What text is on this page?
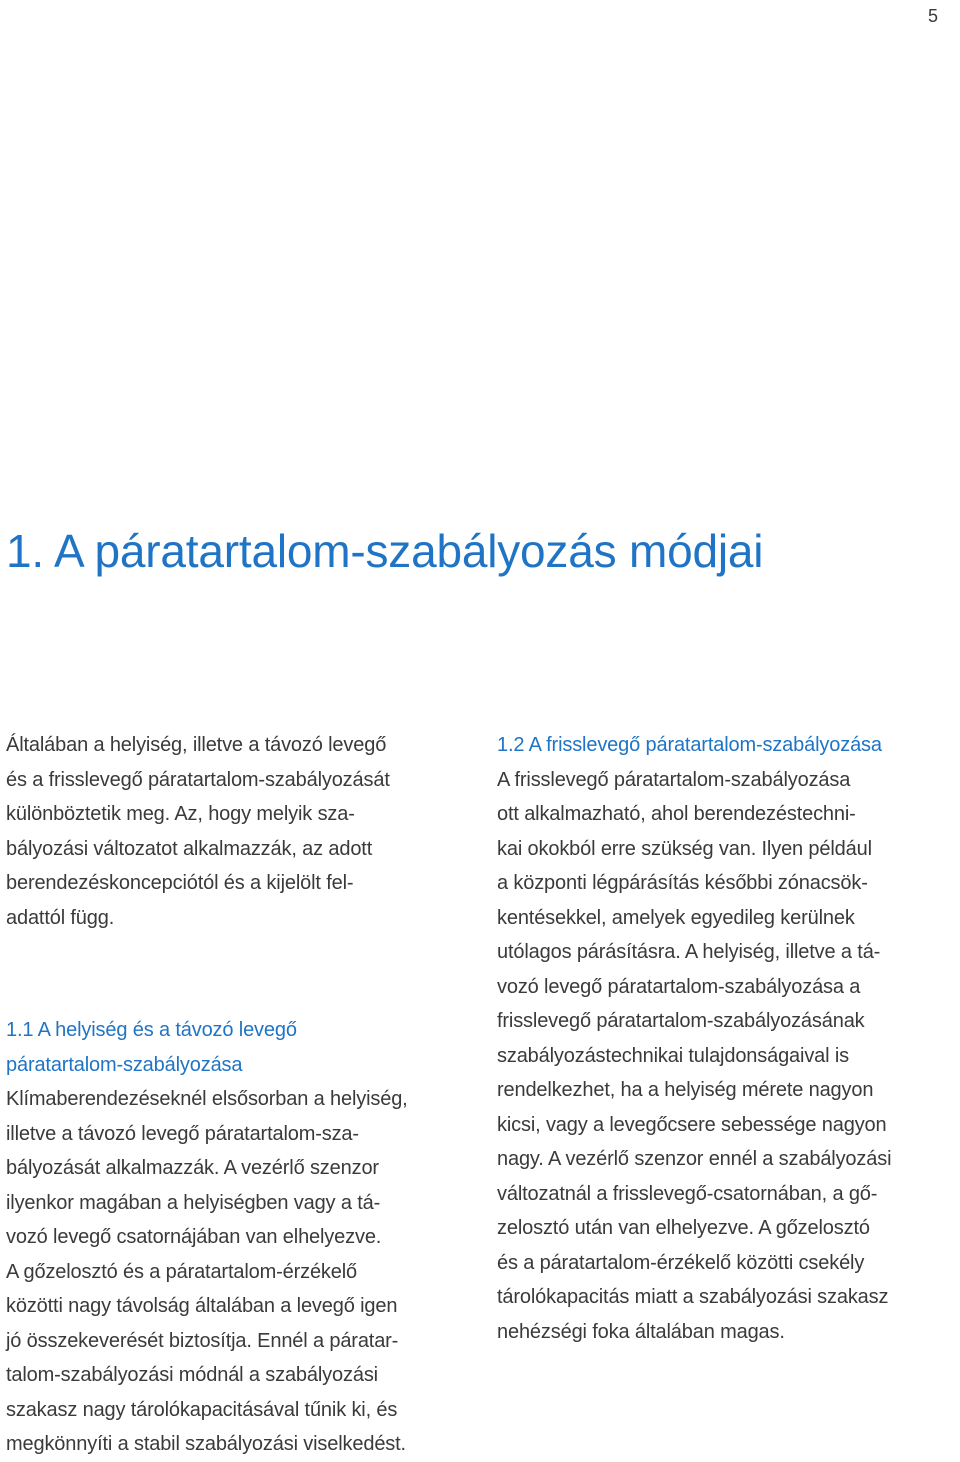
5
1. A páratartalom-szabályozás módjai
Általában a helyiség, illetve a távozó levegő
és a frisslevegő páratartalom-szabályozását
különböztetik meg. Az, hogy melyik sza-
bályozási változatot alkalmazzák, az adott
berendezéskoncepciótól és a kijelölt fel-
adattól függ.
1.1 A helyiség és a távozó levegő
páratartalom-szabályozása
Klímaberendezéseknél elsősorban a helyiség,
illetve a távozó levegő páratartalom-sza-
bályozását alkalmazzák. A vezérlő szenzor
ilyenkor magában a helyiségben vagy a tá-
vozó levegő csatornájában van elhelyezve.
A gőzelosztó és a páratartalom-érzékelő
közötti nagy távolság általában a levegő igen
jó összekeverését biztosítja. Ennél a páratar-
talom-szabályozási módnál a szabályozási
szakasz nagy tárolókapacitásával tűnik ki, és
megkönnyíti a stabil szabályozási viselkedést.
1.2 A frisslevegő páratartalom-szabályozása
A frisslevegő páratartalom-szabályozása
ott alkalmazható, ahol berendezéstechni-
kai okokból erre szükség van. Ilyen például
a központi légpárásítás későbbi zónacsök-
kentésekkel, amelyek egyedileg kerülnek
utólagos párásításra. A helyiség, illetve a tá-
vozó levegő páratartalom-szabályozása a
frisslevegő páratartalom-szabályozásának
szabályozástechnikai tulajdonságaival is
rendelkezhet, ha a helyiség mérete nagyon
kicsi, vagy a levegőcsere sebessége nagyon
nagy. A vezérlő szenzor ennél a szabályozási
változatnál a frisslevegő-csatornában, a gő-
zelosztó után van elhelyezve. A gőzelosztó
és a páratartalom-érzékelő közötti csekély
tárolókapacitás miatt a szabályozási szakasz
nehézségi foka általában magas.
